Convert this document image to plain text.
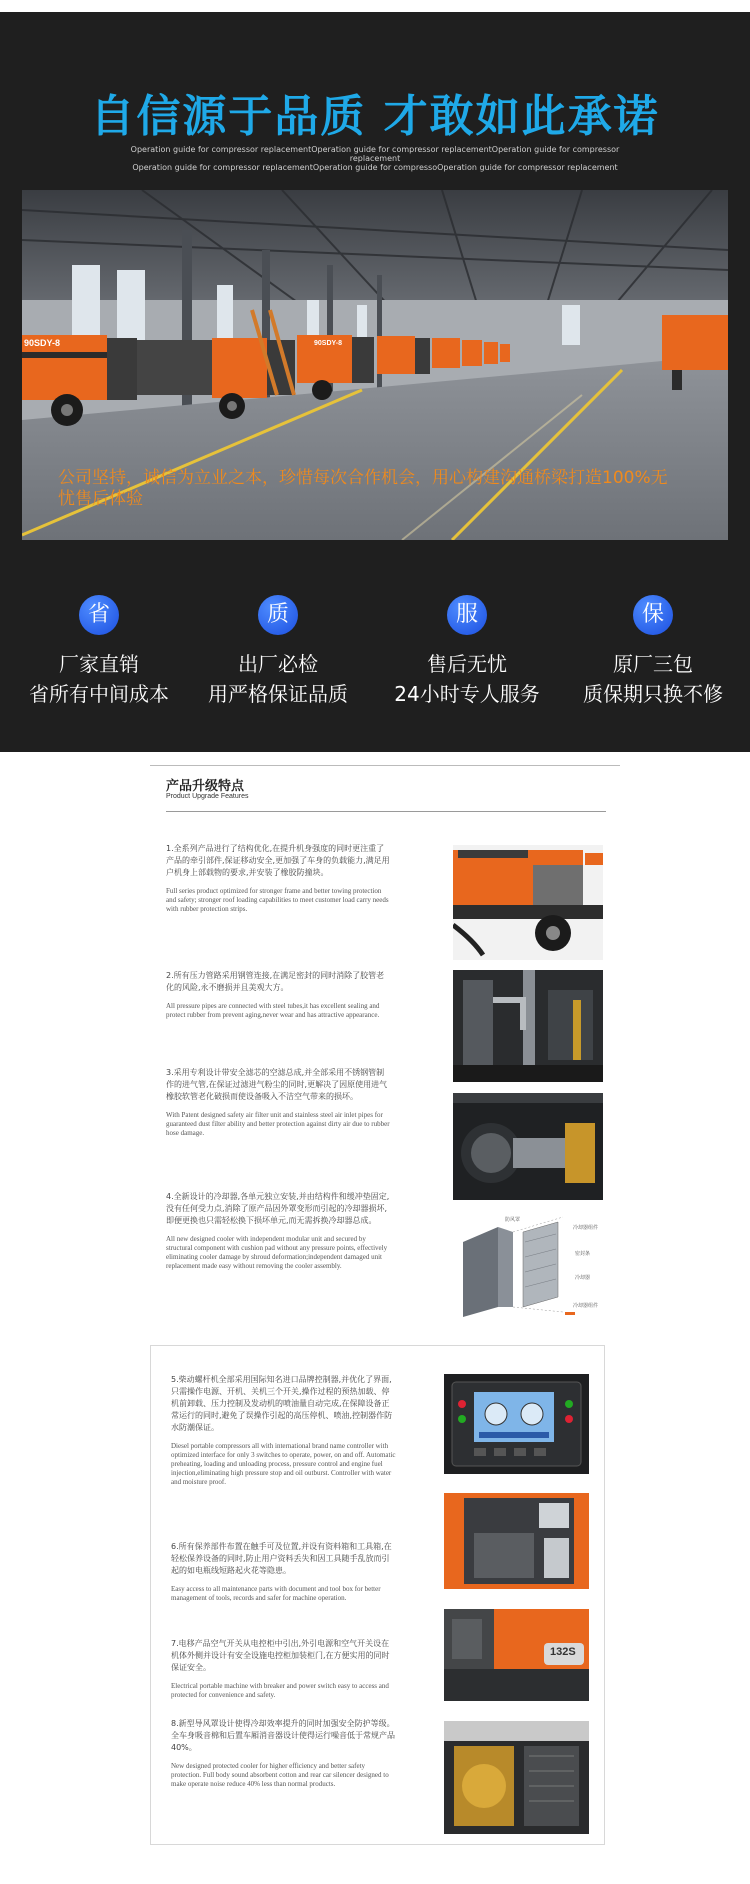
自信源于品质 才敢如此承诺
Operation guide for compressor replacementOperation guide for compressor replacementOperation guide for compressor replacement
Operation guide for compressor replacementOperation guide for compressoOperation guide for compressor replacement
90SDY-8	90SDY-8
公司坚持，诚信为立业之本，珍惜每次合作机会，用心构建沟通桥梁打造100%无忧售后体验
省
厂家直销
省所有中间成本
质
出厂必检
用严格保证品质
服
售后无忧
24小时专人服务
保
原厂三包
质保期只换不修
产品升级特点
Product Upgrade Features
1.全系列产品进行了结构优化,在提升机身强度的同时更注重了产品的牵引部件,保证移动安全,更加强了车身的负载能力,满足用户机身上部载物的要求,并安装了橡胶防撞块。
Full series product optimized for stronger frame and better towing protection and safety; stronger roof loading capabilities to meet customer load carry needs with rubber protection strips.
2.所有压力管路采用钢管连接,在满足密封的同时消除了胶管老化的风险,永不磨损并且美观大方。
All pressure pipes are connected with steel tubes,it has excellent sealing and protect rubber from prevent aging,never wear and has attractive appearance.
3.采用专利设计带安全滤芯的空滤总成,并全部采用不锈钢管制作的进气管,在保证过滤进气粉尘的同时,更解决了因原使用进气橡胶软管老化破损而使设备吸入不洁空气带来的损坏。
With Patent designed safety air filter unit and stainless steel air inlet pipes for guaranteed dust filter ability and better protection against dirty air due to rubber hose damage.
4.全新设计的冷却器,各单元独立安装,并由结构件和缓冲垫固定,没有任何受力点,消除了原产品因外罩变形而引起的冷却器损坏,即便更换也只需轻松换下损坏单元,而无需拆换冷却器总成。
All new designed cooler with independent modular unit and secured by structural component with cushion pad without any pressure points, effectively eliminating cooler damage by shroud deformation;independent damaged unit replacement made easy without removing the cooler assembly.
防风罩
冷却器组件
密封条
冷却器
冷却器组件
5.柴动螺杆机全部采用国际知名进口品牌控制器,并优化了界面,只需操作电源、开机、关机三个开关,操作过程的预热加载、停机前卸载、压力控制及发动机的喷油量自动完成,在保障设备正常运行的同时,避免了误操作引起的高压停机、喷油,控制器作防水防潮保证。
Diesel portable compressors all with international brand name controller with optimized interface for only 3 switches to operate, power, on and off. Automatic preheating, loading and unloading process, pressure control and engine fuel injection,eliminating high pressure stop and oil outburst. Controller with water and moisture proof.
6.所有保养部件布置在触手可及位置,并设有资料箱和工具箱,在轻松保养设备的同时,防止用户资料丢失和因工具随手乱放而引起的如电瓶线短路起火花等隐患。
Easy access to all maintenance parts with document and tool box for better management of tools, records and safer for machine operation.
7.电移产品空气开关从电控柜中引出,外引电源和空气开关设在机体外侧并设计有安全设施电控柜加装柜门,在方便实用的同时保证安全。
Electrical portable machine with breaker and power switch easy to access and protected for convenience and safety.
8.新型导风罩设计使得冷却效率提升的同时加强安全防护等级。全车身吸音棉和后置车厢消音器设计使得运行噪音低于常规产品40%。
New designed protected cooler for higher efficiency and better safety protection. Full body sound absorbent cotton and rear car silencer designed to make operate noise reduce 40% less than normal products.
132S
